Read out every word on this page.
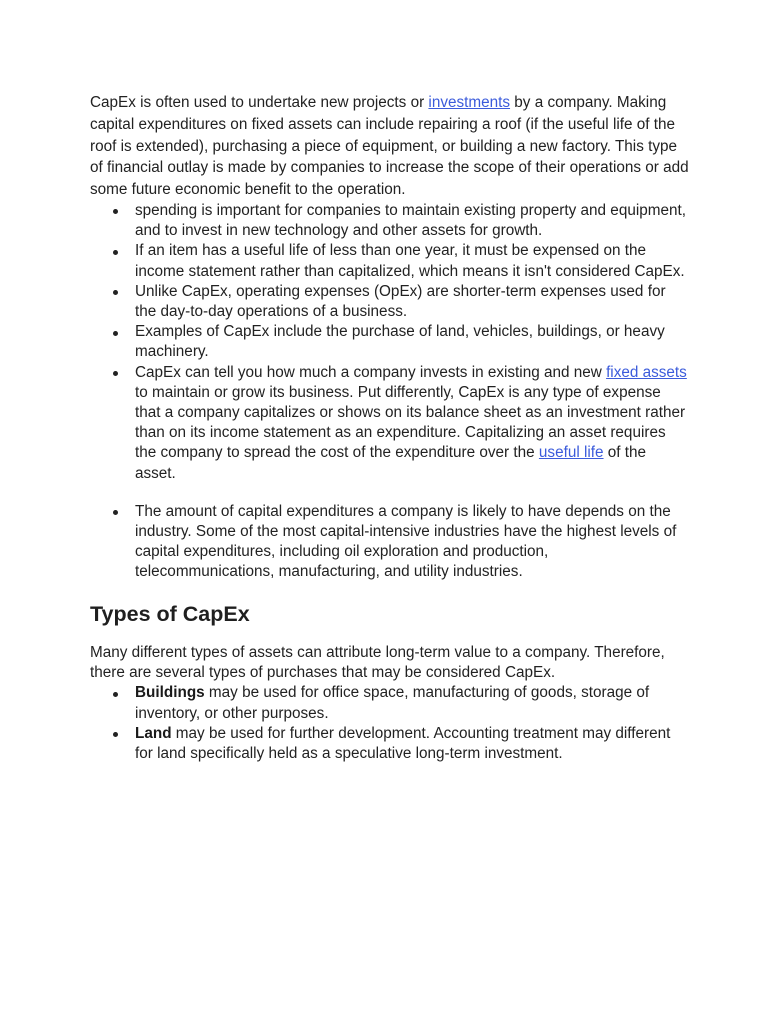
CapEx is often used to undertake new projects or investments by a company. Making capital expenditures on fixed assets can include repairing a roof (if the useful life of the roof is extended), purchasing a piece of equipment, or building a new factory. This type of financial outlay is made by companies to increase the scope of their operations or add some future economic benefit to the operation.

spending is important for companies to maintain existing property and equipment, and to invest in new technology and other assets for growth.
If an item has a useful life of less than one year, it must be expensed on the income statement rather than capitalized, which means it isn't considered CapEx.
Unlike CapEx, operating expenses (OpEx) are shorter-term expenses used for the day-to-day operations of a business.
Examples of CapEx include the purchase of land, vehicles, buildings, or heavy machinery.
CapEx can tell you how much a company invests in existing and new fixed assets to maintain or grow its business. Put differently, CapEx is any type of expense that a company capitalizes or shows on its balance sheet as an investment rather than on its income statement as an expenditure. Capitalizing an asset requires the company to spread the cost of the expenditure over the useful life of the asset.
The amount of capital expenditures a company is likely to have depends on the industry. Some of the most capital-intensive industries have the highest levels of capital expenditures, including oil exploration and production, telecommunications, manufacturing, and utility industries.
Types of CapEx

Many different types of assets can attribute long-term value to a company. Therefore, there are several types of purchases that may be considered CapEx.

Buildings may be used for office space, manufacturing of goods, storage of inventory, or other purposes.
Land may be used for further development. Accounting treatment may different for land specifically held as a speculative long-term investment.
